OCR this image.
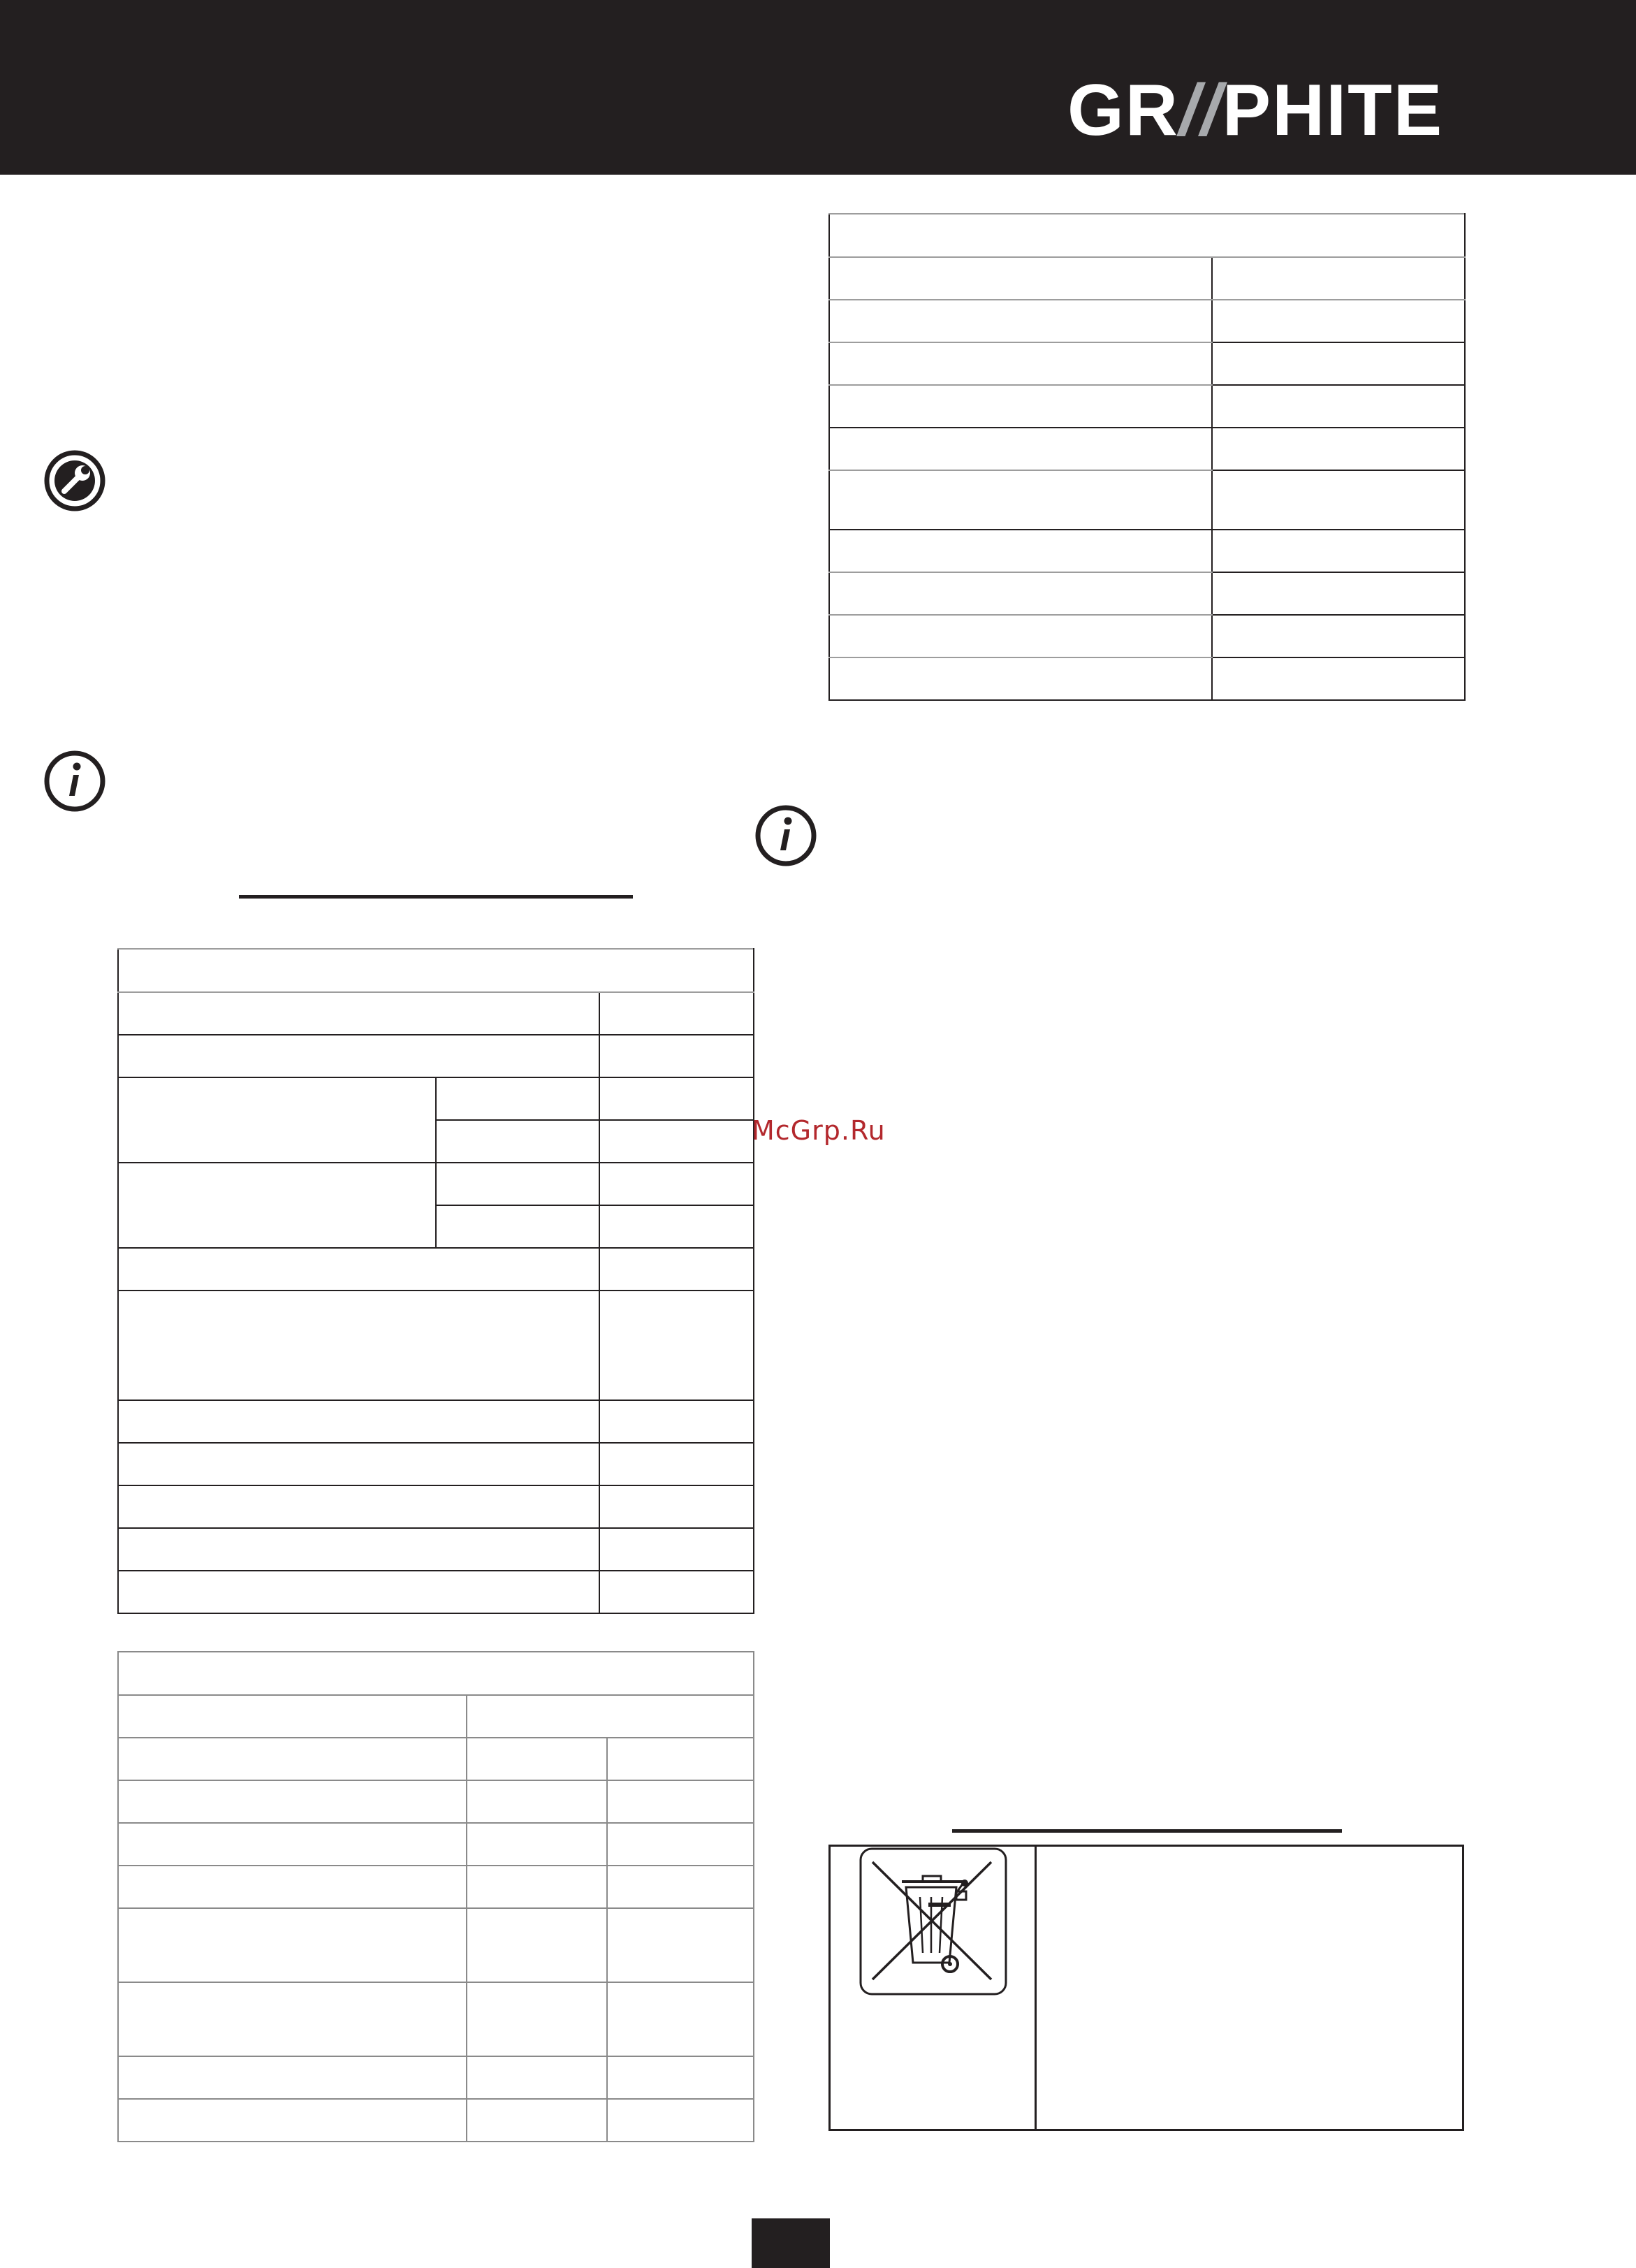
GR // PHITE

McGrp.Ru
